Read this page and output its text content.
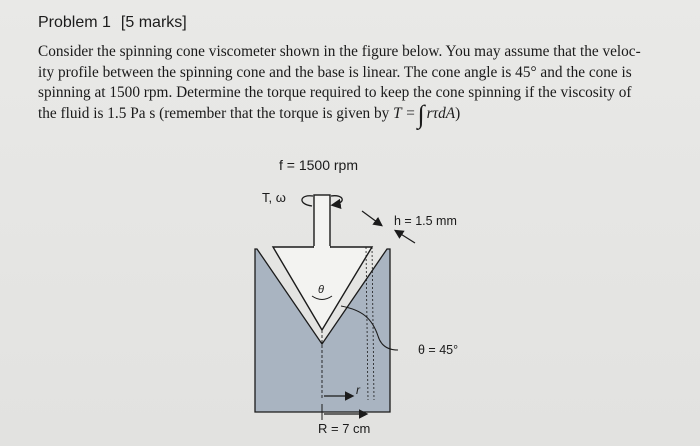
Problem 1 [5 marks]
Consider the spinning cone viscometer shown in the figure below. You may assume that the veloc-
ity profile between the spinning cone and the base is linear. The cone angle is 45° and the cone is
spinning at 1500 rpm. Determine the torque required to keep the cone spinning if the viscosity of
the fluid is 1.5 Pa s (remember that the torque is given by T =∫ rτdA)
f = 1500 rpm
T, ω
h = 1.5 mm
θ
θ = 45°
r
R = 7 cm
